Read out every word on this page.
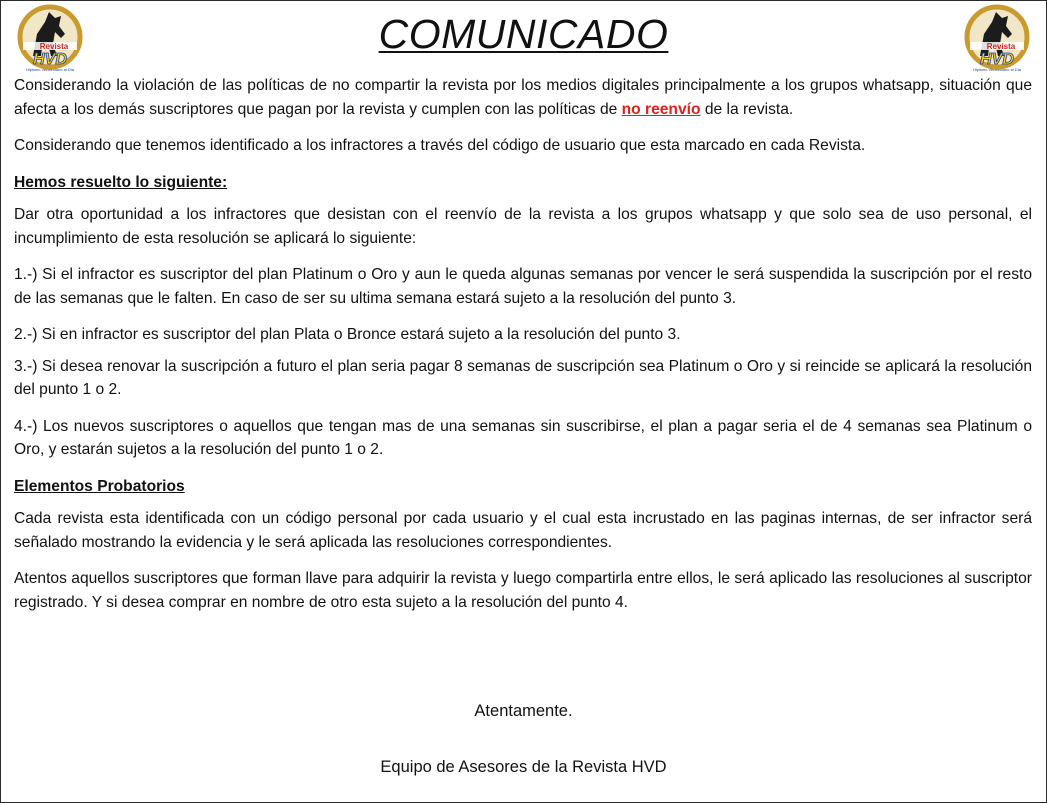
Revista
HVD
Hipismo Venezolano al Día
COMUNICADO	Revista
HVD
Hipismo Venezolano al Día

Considerando la violación de las políticas de no compartir la revista por los medios digitales principalmente a los grupos whatsapp, situación que afecta a los demás suscriptores que pagan por la revista y cumplen con las políticas de no reenvío de la revista.

Considerando que tenemos identificado a los infractores a través del código de usuario que esta marcado en cada Revista.

Hemos resuelto lo siguiente:

Dar otra oportunidad a los infractores que desistan con el reenvío de la revista a los grupos whatsapp y que solo sea de uso personal, el incumplimiento de esta resolución se aplicará lo siguiente:

1.-) Si el infractor es suscriptor del plan Platinum o Oro y aun le queda algunas semanas por vencer le será suspendida la suscripción por el resto de las semanas que le falten. En caso de ser su ultima semana estará sujeto a la resolución del punto 3.

2.-) Si en infractor es suscriptor del plan Plata o Bronce estará sujeto a la resolución del punto 3.

3.-) Si desea renovar la suscripción a futuro el plan seria pagar 8 semanas de suscripción sea Platinum o Oro y si reincide se aplicará la resolución del punto 1 o 2.

4.-) Los nuevos suscriptores o aquellos que tengan mas de una semanas sin suscribirse, el plan a pagar seria el de 4 semanas sea Platinum o Oro, y estarán sujetos a la resolución del punto 1 o 2.

Elementos Probatorios

Cada revista esta identificada con un código personal por cada usuario y el cual esta incrustado en las paginas internas, de ser infractor será señalado mostrando la evidencia y le será aplicada las resoluciones correspondientes.

Atentos aquellos suscriptores que forman llave para adquirir la revista y luego compartirla entre ellos, le será aplicado las resoluciones al suscriptor registrado. Y si desea comprar en nombre de otro esta sujeto a la resolución del punto 4.

Atentamente.
Equipo de Asesores de la Revista HVD
